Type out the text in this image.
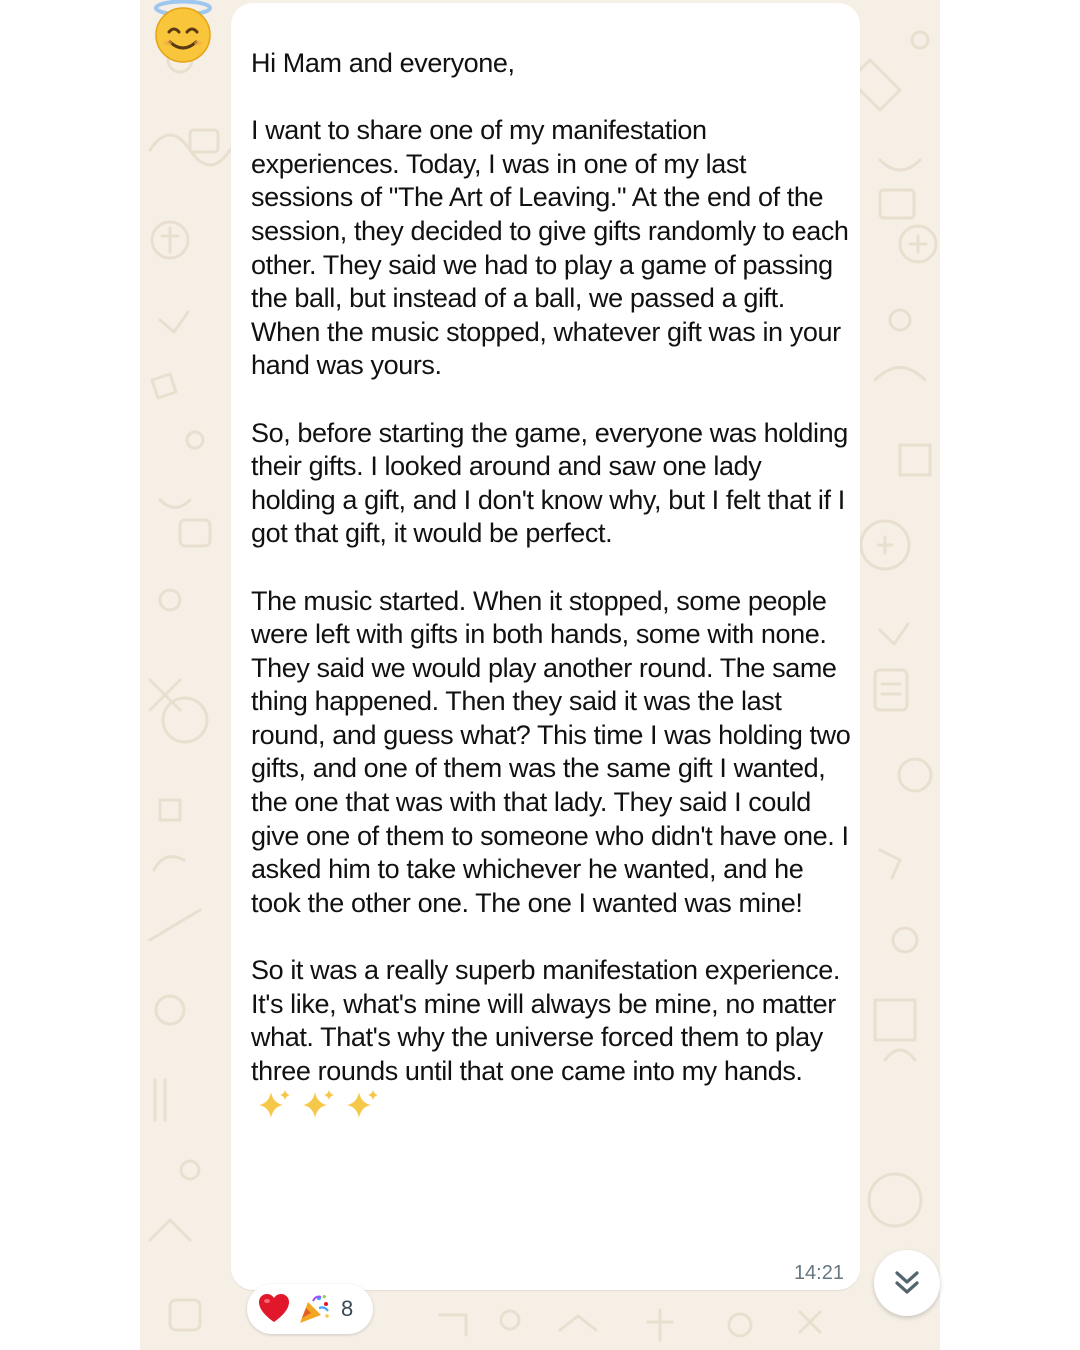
Hi Mam and everyone,

I want to share one of my manifestation experiences. Today, I was in one of my last sessions of "The Art of Leaving." At the end of the session, they decided to give gifts randomly to each other. They said we had to play a game of passing the ball, but instead of a ball, we passed a gift. When the music stopped, whatever gift was in your hand was yours.

So, before starting the game, everyone was holding their gifts. I looked around and saw one lady holding a gift, and I don't know why, but I felt that if I got that gift, it would be perfect.

The music started. When it stopped, some people were left with gifts in both hands, some with none. They said we would play another round. The same thing happened. Then they said it was the last round, and guess what? This time I was holding two gifts, and one of them was the same gift I wanted, the one that was with that lady. They said I could give one of them to someone who didn't have one. I asked him to take whichever he wanted, and he took the other one. The one I wanted was mine!

So it was a really superb manifestation experience. It's like, what's mine will always be mine, no matter what. That's why the universe forced them to play three rounds until that one came into my hands.

14:21
8
